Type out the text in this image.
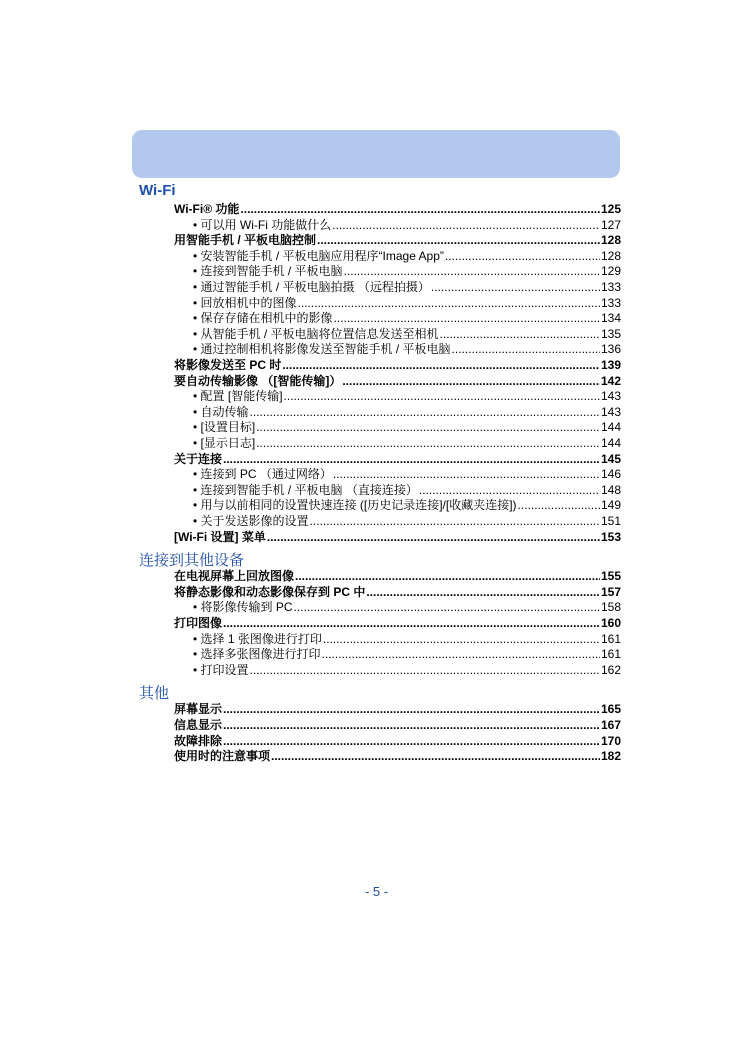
Wi-Fi
Wi-Fi® 功能 .....	125
• 可以用 Wi-Fi 功能做什么 .....	127
用智能手机 / 平板电脑控制 .....	128
• 安装智能手机 / 平板电脑应用程序“Image App” .....	128
• 连接到智能手机 / 平板电脑 .....	129
• 通过智能手机 / 平板电脑拍摄 （远程拍摄） .....	133
• 回放相机中的图像 .....	133
• 保存存储在相机中的影像 .....	134
• 从智能手机 / 平板电脑将位置信息发送至相机 .....	135
• 通过控制相机将影像发送至智能手机 / 平板电脑 .....	136
将影像发送至 PC 时 .....	139
要自动传输影像 （[智能传输]） .....	142
• 配置 [智能传输] .....	143
• 自动传输 .....	143
• [设置目标] .....	144
• [显示日志] .....	144
关于连接 .....	145
• 连接到 PC （通过网络） .....	146
• 连接到智能手机 / 平板电脑 （直接连接） .....	148
• 用与以前相同的设置快速连接 ([历史记录连接]/[收藏夹连接]) .....	149
• 关于发送影像的设置 .....	151
[Wi-Fi 设置] 菜单 .....	153
连接到其他设备
在电视屏幕上回放图像 .....	155
将静态影像和动态影像保存到 PC 中 .....	157
• 将影像传输到 PC .....	158
打印图像 .....	160
• 选择 1 张图像进行打印 .....	161
• 选择多张图像进行打印 .....	161
• 打印设置 .....	162
其他
屏幕显示 .....	165
信息显示 .....	167
故障排除 .....	170
使用时的注意事项 .....	182
- 5 -
